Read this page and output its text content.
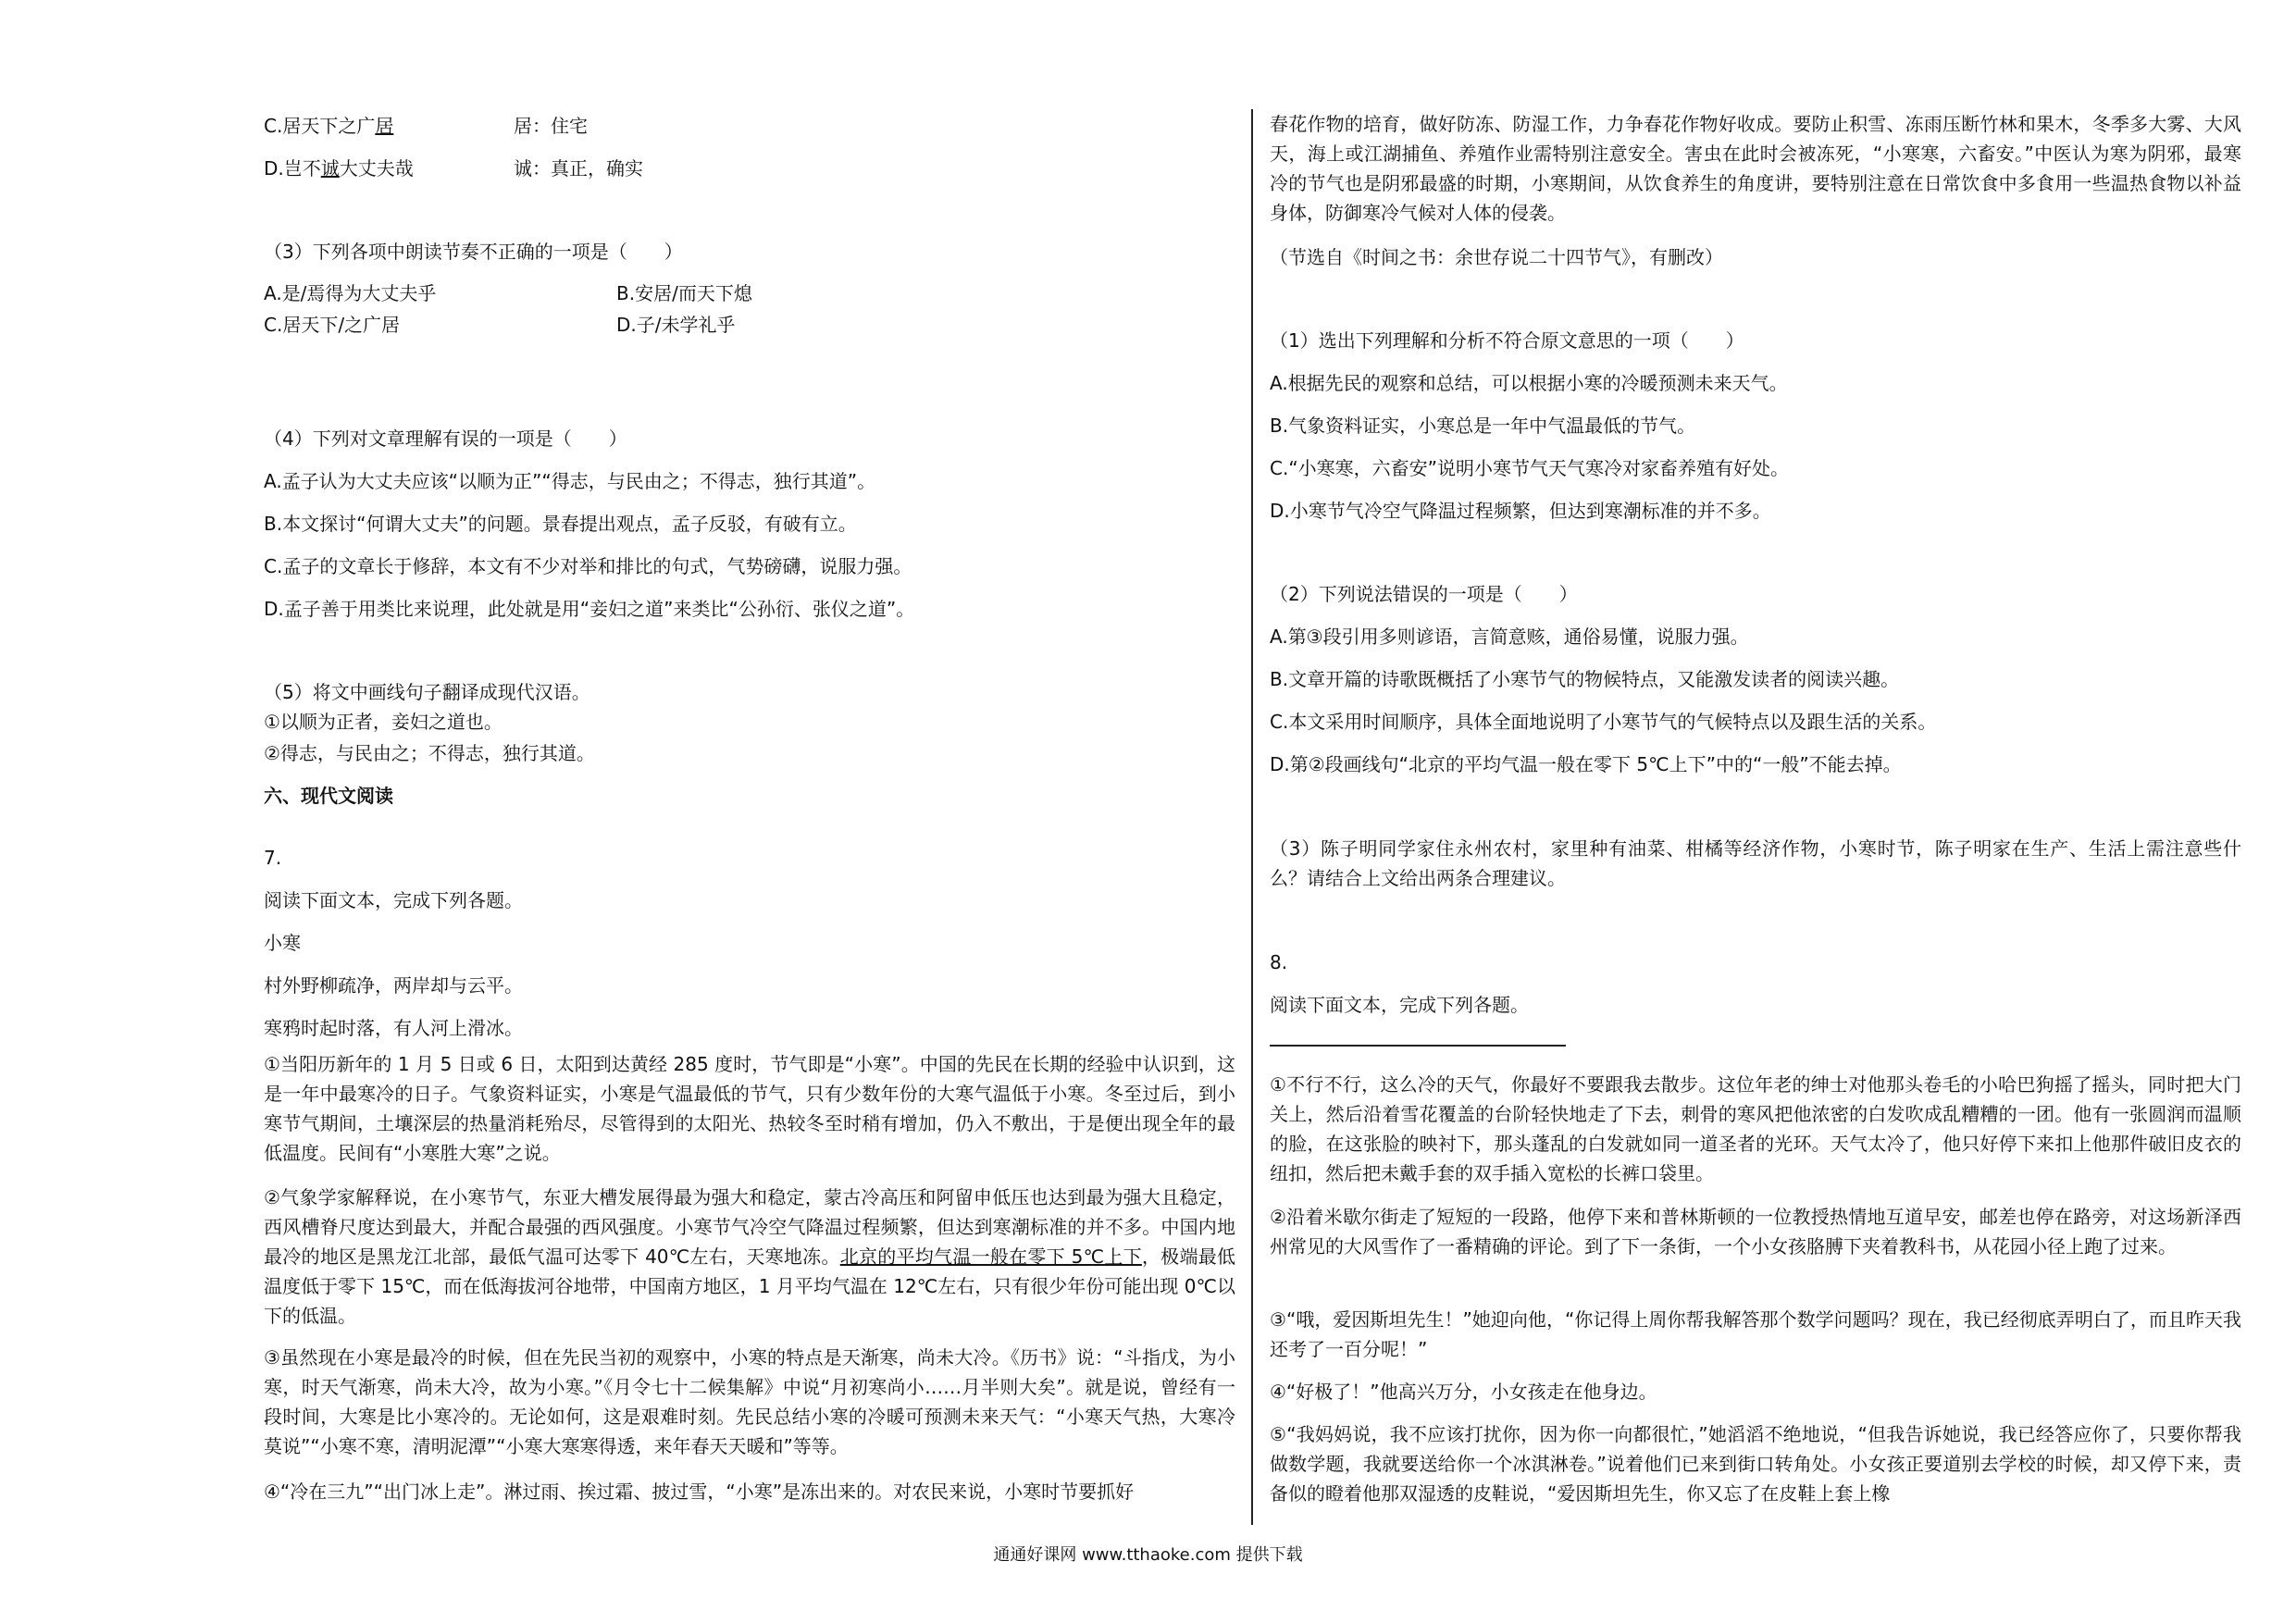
C.居天下之广居	居：住宅
D.岂不诚大丈夫哉	诚：真正，确实
（3）下列各项中朗读节奏不正确的一项是（　　）
A.是/焉得为大丈夫乎	B.安居/而天下熄
C.居天下/之广居	D.子/未学礼乎
（4）下列对文章理解有误的一项是（　　）
A.孟子认为大丈夫应该“以顺为正”“得志，与民由之；不得志，独行其道”。
B.本文探讨“何谓大丈夫”的问题。景春提出观点，孟子反驳，有破有立。
C.孟子的文章长于修辞，本文有不少对举和排比的句式，气势磅礴，说服力强。
D.孟子善于用类比来说理，此处就是用“妾妇之道”来类比“公孙衍、张仪之道”。
（5）将文中画线句子翻译成现代汉语。
①以顺为正者，妾妇之道也。
②得志，与民由之；不得志，独行其道。
六、现代文阅读
7.
阅读下面文本，完成下列各题。
小寒
村外野柳疏净，两岸却与云平。
寒鸦时起时落，有人河上滑冰。
①当阳历新年的 1 月 5 日或 6 日，太阳到达黄经 285 度时，节气即是“小寒”。中国的先民在长期的经验中认识到，这是一年中最寒冷的日子。气象资料证实，小寒是气温最低的节气，只有少数年份的大寒气温低于小寒。冬至过后，到小寒节气期间，土壤深层的热量消耗殆尽，尽管得到的太阳光、热较冬至时稍有增加，仍入不敷出，于是便出现全年的最低温度。民间有“小寒胜大寒”之说。
②气象学家解释说，在小寒节气，东亚大槽发展得最为强大和稳定，蒙古冷高压和阿留申低压也达到最为强大且稳定，西风槽脊尺度达到最大，并配合最强的西风强度。小寒节气冷空气降温过程频繁，但达到寒潮标准的并不多。中国内地最冷的地区是黑龙江北部，最低气温可达零下 40℃左右，天寒地冻。北京的平均气温一般在零下 5℃上下，极端最低温度低于零下 15℃，而在低海拔河谷地带，中国南方地区，1 月平均气温在 12℃左右，只有很少年份可能出现 0℃以下的低温。
③虽然现在小寒是最冷的时候，但在先民当初的观察中，小寒的特点是天渐寒，尚未大冷。《历书》说：“斗指戊，为小寒，时天气渐寒，尚未大冷，故为小寒。”《月令七十二候集解》中说“月初寒尚小……月半则大矣”。就是说，曾经有一段时间，大寒是比小寒冷的。无论如何，这是艰难时刻。先民总结小寒的冷暖可预测未来天气：“小寒天气热，大寒冷莫说”“小寒不寒，清明泥潭”“小寒大寒寒得透，来年春天天暖和”等等。
④“冷在三九”“出门冰上走”。淋过雨、挨过霜、披过雪，“小寒”是冻出来的。对农民来说，小寒时节要抓好
春花作物的培育，做好防冻、防湿工作，力争春花作物好收成。要防止积雪、冻雨压断竹林和果木，冬季多大雾、大风天，海上或江湖捕鱼、养殖作业需特别注意安全。害虫在此时会被冻死，“小寒寒，六畜安。”中医认为寒为阴邪，最寒冷的节气也是阴邪最盛的时期，小寒期间，从饮食养生的角度讲，要特别注意在日常饮食中多食用一些温热食物以补益身体，防御寒冷气候对人体的侵袭。
（节选自《时间之书：余世存说二十四节气》，有删改）
（1）选出下列理解和分析不符合原文意思的一项（　　）
A.根据先民的观察和总结，可以根据小寒的冷暖预测未来天气。
B.气象资料证实，小寒总是一年中气温最低的节气。
C.“小寒寒，六畜安”说明小寒节气天气寒冷对家畜养殖有好处。
D.小寒节气冷空气降温过程频繁，但达到寒潮标准的并不多。
（2）下列说法错误的一项是（　　）
A.第③段引用多则谚语，言简意赅，通俗易懂，说服力强。
B.文章开篇的诗歌既概括了小寒节气的物候特点，又能激发读者的阅读兴趣。
C.本文采用时间顺序，具体全面地说明了小寒节气的气候特点以及跟生活的关系。
D.第②段画线句“北京的平均气温一般在零下 5℃上下”中的“一般”不能去掉。
（3）陈子明同学家住永州农村，家里种有油菜、柑橘等经济作物，小寒时节，陈子明家在生产、生活上需注意些什么？请结合上文给出两条合理建议。
8.
阅读下面文本，完成下列各题。
①不行不行，这么冷的天气，你最好不要跟我去散步。这位年老的绅士对他那头卷毛的小哈巴狗摇了摇头，同时把大门关上，然后沿着雪花覆盖的台阶轻快地走了下去，刺骨的寒风把他浓密的白发吹成乱糟糟的一团。他有一张圆润而温顺的脸，在这张脸的映衬下，那头蓬乱的白发就如同一道圣者的光环。天气太冷了，他只好停下来扣上他那件破旧皮衣的纽扣，然后把未戴手套的双手插入宽松的长裤口袋里。
②沿着米歇尔街走了短短的一段路，他停下来和普林斯顿的一位教授热情地互道早安，邮差也停在路旁，对这场新泽西州常见的大风雪作了一番精确的评论。到了下一条街，一个小女孩胳膊下夹着教科书，从花园小径上跑了过来。
③“哦，爱因斯坦先生！”她迎向他，“你记得上周你帮我解答那个数学问题吗？现在，我已经彻底弄明白了，而且昨天我还考了一百分呢！”
④“好极了！”他高兴万分，小女孩走在他身边。
⑤“我妈妈说，我不应该打扰你，因为你一向都很忙，”她滔滔不绝地说，“但我告诉她说，我已经答应你了，只要你帮我做数学题，我就要送给你一个冰淇淋卷。”说着他们已来到街口转角处。小女孩正要道别去学校的时候，却又停下来，责备似的瞪着他那双湿透的皮鞋说，“爱因斯坦先生，你又忘了在皮鞋上套上橡
通通好课网 www.tthaoke.com 提供下载
